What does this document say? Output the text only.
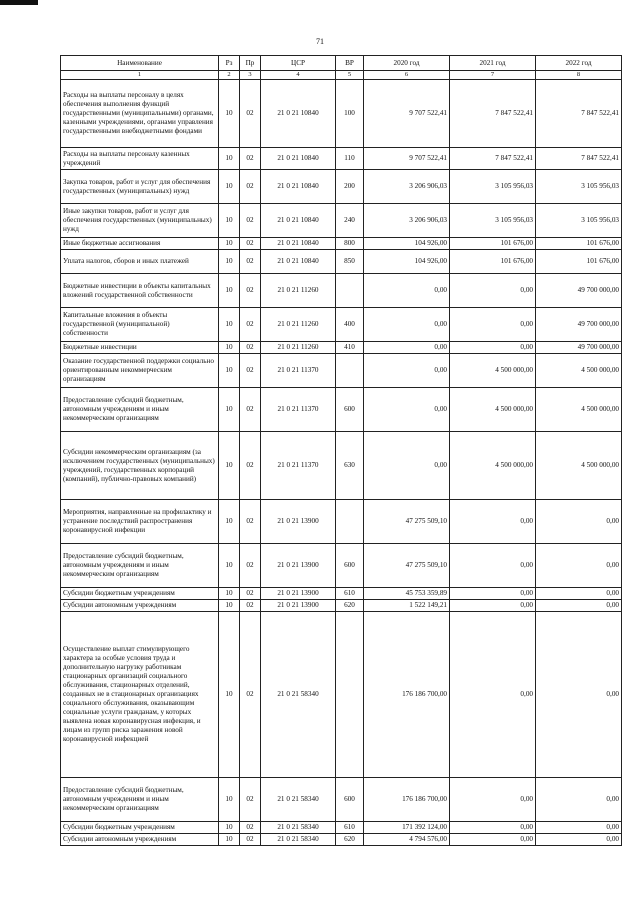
71
Наименование	Рз	Пр	ЦСР	ВР	2020 год	2021 год	2022 год
1	2	3	4	5	6	7	8
Расходы на выплаты персоналу в целях обеспечения выполнения функций государственными (муниципальными) органами, казенными учреждениями, органами управления государственными внебюджетными фондами	10	02	21 0 21 10840	100	9 707 522,41	7 847 522,41	7 847 522,41
Расходы на выплаты персоналу казенных учреждений	10	02	21 0 21 10840	110	9 707 522,41	7 847 522,41	7 847 522,41
Закупка товаров, работ и услуг для обеспечения государственных (муниципальных) нужд	10	02	21 0 21 10840	200	3 206 906,03	3 105 956,03	3 105 956,03
Иные закупки товаров, работ и услуг для обеспечения государственных (муниципальных) нужд	10	02	21 0 21 10840	240	3 206 906,03	3 105 956,03	3 105 956,03
Иные бюджетные ассигнования	10	02	21 0 21 10840	800	104 926,00	101 676,00	101 676,00
Уплата налогов, сборов и иных платежей	10	02	21 0 21 10840	850	104 926,00	101 676,00	101 676,00
Бюджетные инвестиции в объекты капитальных вложений государственной собственности	10	02	21 0 21 11260		0,00	0,00	49 700 000,00
Капитальные вложения в объекты государственной (муниципальной) собственности	10	02	21 0 21 11260	400	0,00	0,00	49 700 000,00
Бюджетные инвестиции	10	02	21 0 21 11260	410	0,00	0,00	49 700 000,00
Оказание государственной поддержки социально ориентированным некоммерческим организациям	10	02	21 0 21 11370		0,00	4 500 000,00	4 500 000,00
Предоставление субсидий бюджетным, автономным учреждениям и иным некоммерческим организациям	10	02	21 0 21 11370	600	0,00	4 500 000,00	4 500 000,00
Субсидии некоммерческим организациям (за исключением государственных (муниципальных) учреждений, государственных корпораций (компаний), публично-правовых компаний)	10	02	21 0 21 11370	630	0,00	4 500 000,00	4 500 000,00
Мероприятия, направленные на профилактику и устранение последствий распространения коронавирусной инфекции	10	02	21 0 21 13900		47 275 509,10	0,00	0,00
Предоставление субсидий бюджетным, автономным учреждениям и иным некоммерческим организациям	10	02	21 0 21 13900	600	47 275 509,10	0,00	0,00
Субсидии бюджетным учреждениям	10	02	21 0 21 13900	610	45 753 359,89	0,00	0,00
Субсидии автономным учреждениям	10	02	21 0 21 13900	620	1 522 149,21	0,00	0,00
Осуществление выплат стимулирующего характера за особые условия труда и дополнительную нагрузку работникам стационарных организаций социального обслуживания, стационарных отделений, созданных не в стационарных организациях социального обслуживания, оказывающим социальные услуги гражданам, у которых выявлена новая коронавирусная инфекция, и лицам из групп риска заражения новой коронавирусной инфекцией	10	02	21 0 21 58340		176 186 700,00	0,00	0,00
Предоставление субсидий бюджетным, автономным учреждениям и иным некоммерческим организациям	10	02	21 0 21 58340	600	176 186 700,00	0,00	0,00
Субсидии бюджетным учреждениям	10	02	21 0 21 58340	610	171 392 124,00	0,00	0,00
Субсидии автономным учреждениям	10	02	21 0 21 58340	620	4 794 576,00	0,00	0,00
